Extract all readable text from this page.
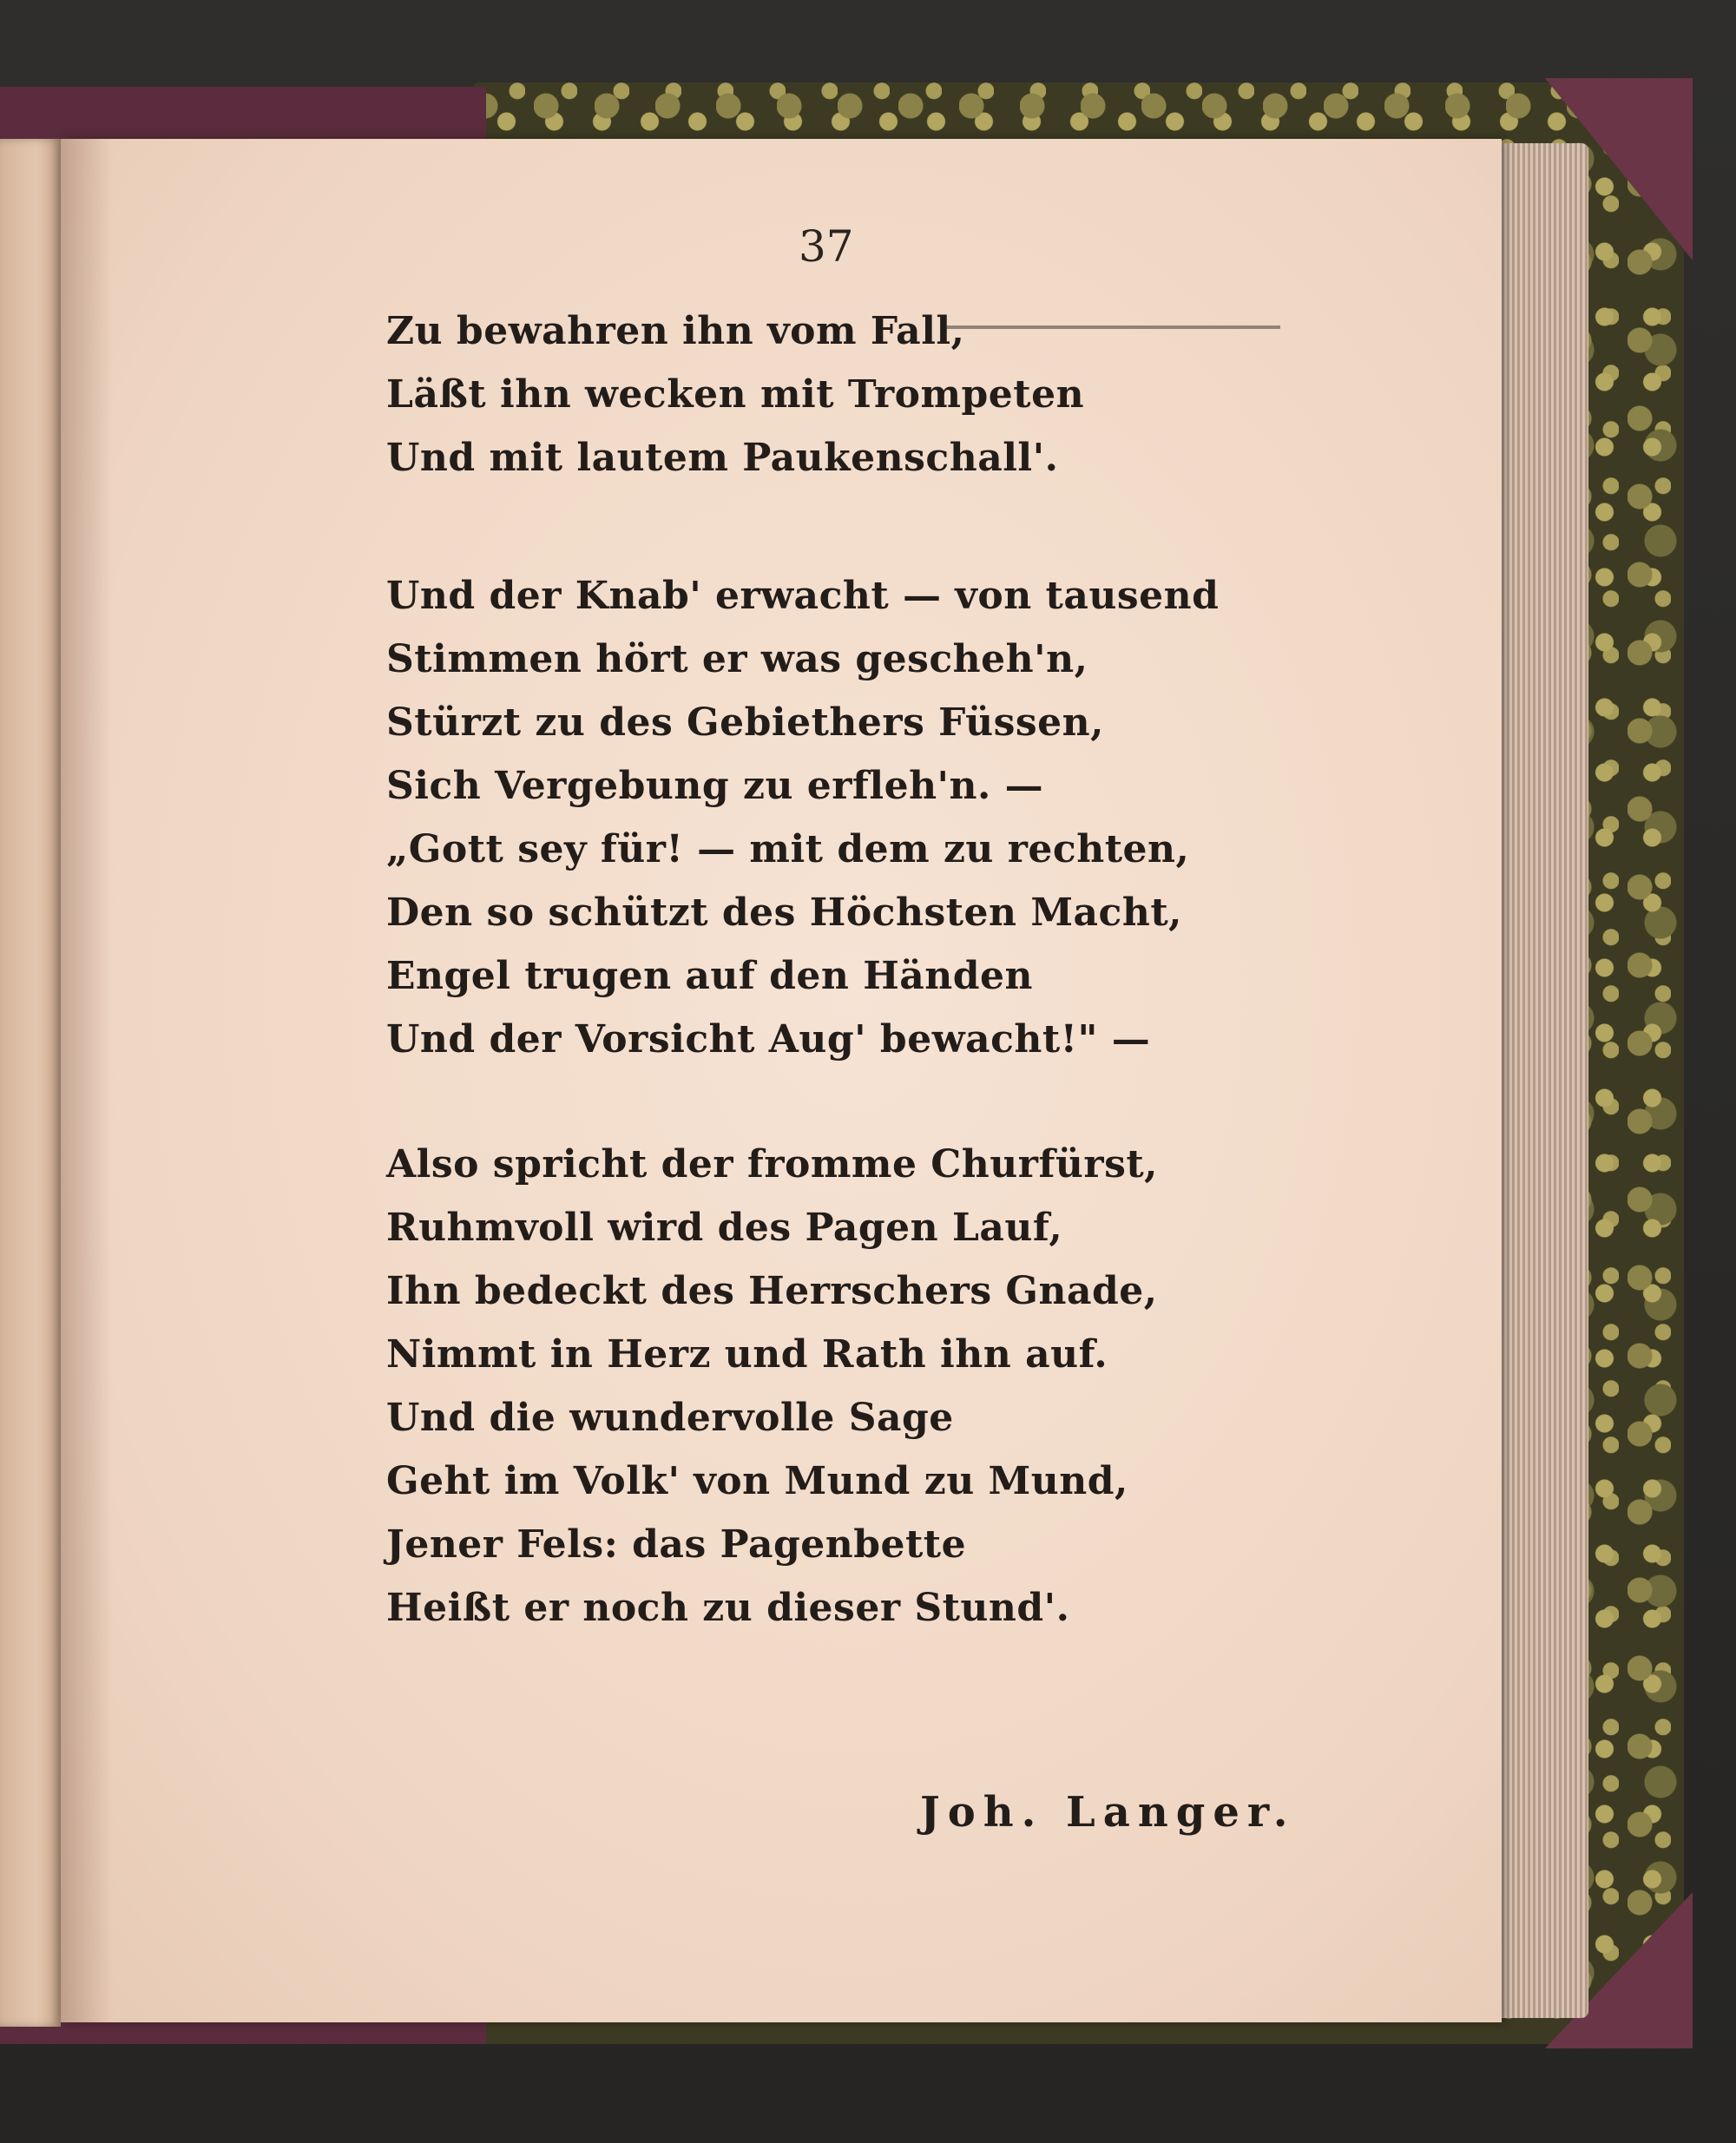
37
Zu bewahren ihn vom Fall,
Läßt ihn wecken mit Trompeten
Und mit lautem Paukenschall'.
Und der Knab' erwacht — von tausend
Stimmen hört er was gescheh'n,
Stürzt zu des Gebiethers Füssen,
Sich Vergebung zu erfleh'n. —
„Gott sey für! — mit dem zu rechten,
Den so schützt des Höchsten Macht,
Engel trugen auf den Händen
Und der Vorsicht Aug' bewacht!" —
Also spricht der fromme Churfürst,
Ruhmvoll wird des Pagen Lauf,
Ihn bedeckt des Herrschers Gnade,
Nimmt in Herz und Rath ihn auf.
Und die wundervolle Sage
Geht im Volk' von Mund zu Mund,
Jener Fels: das Pagenbette
Heißt er noch zu dieser Stund'.
Joh. Langer.
